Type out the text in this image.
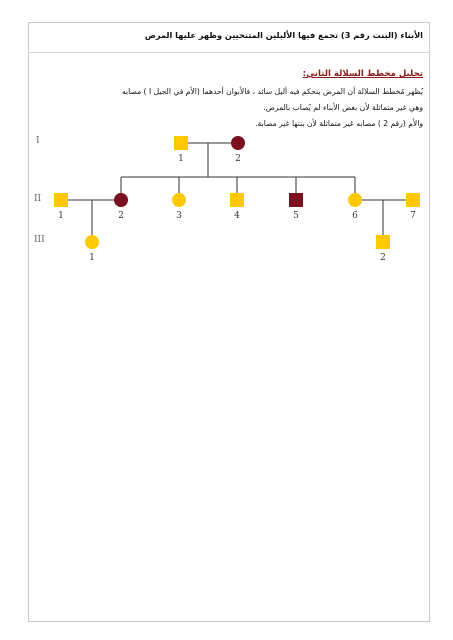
الأبناء (البنت رقم 3) تجمع فيها الأليلين المتنحيين وظهر عليها المرض
تحليل مخطط السلالة الثاني:
يُظهر مُخطط السلالة أن المرض يتحكم فيه أليل سائد ، فالأبوان أحدهما (الأم في الجيل I ) مصابه
وهي غير متماثلة لأن بعض الأبناء لم يُصاب بالمرض.
والأم (رقم 2 ) مصابه غير متماثلة لأن بنتها غير مصابة.
I
II
III
1	2
1	2	3	4	5	6	7
1	2
